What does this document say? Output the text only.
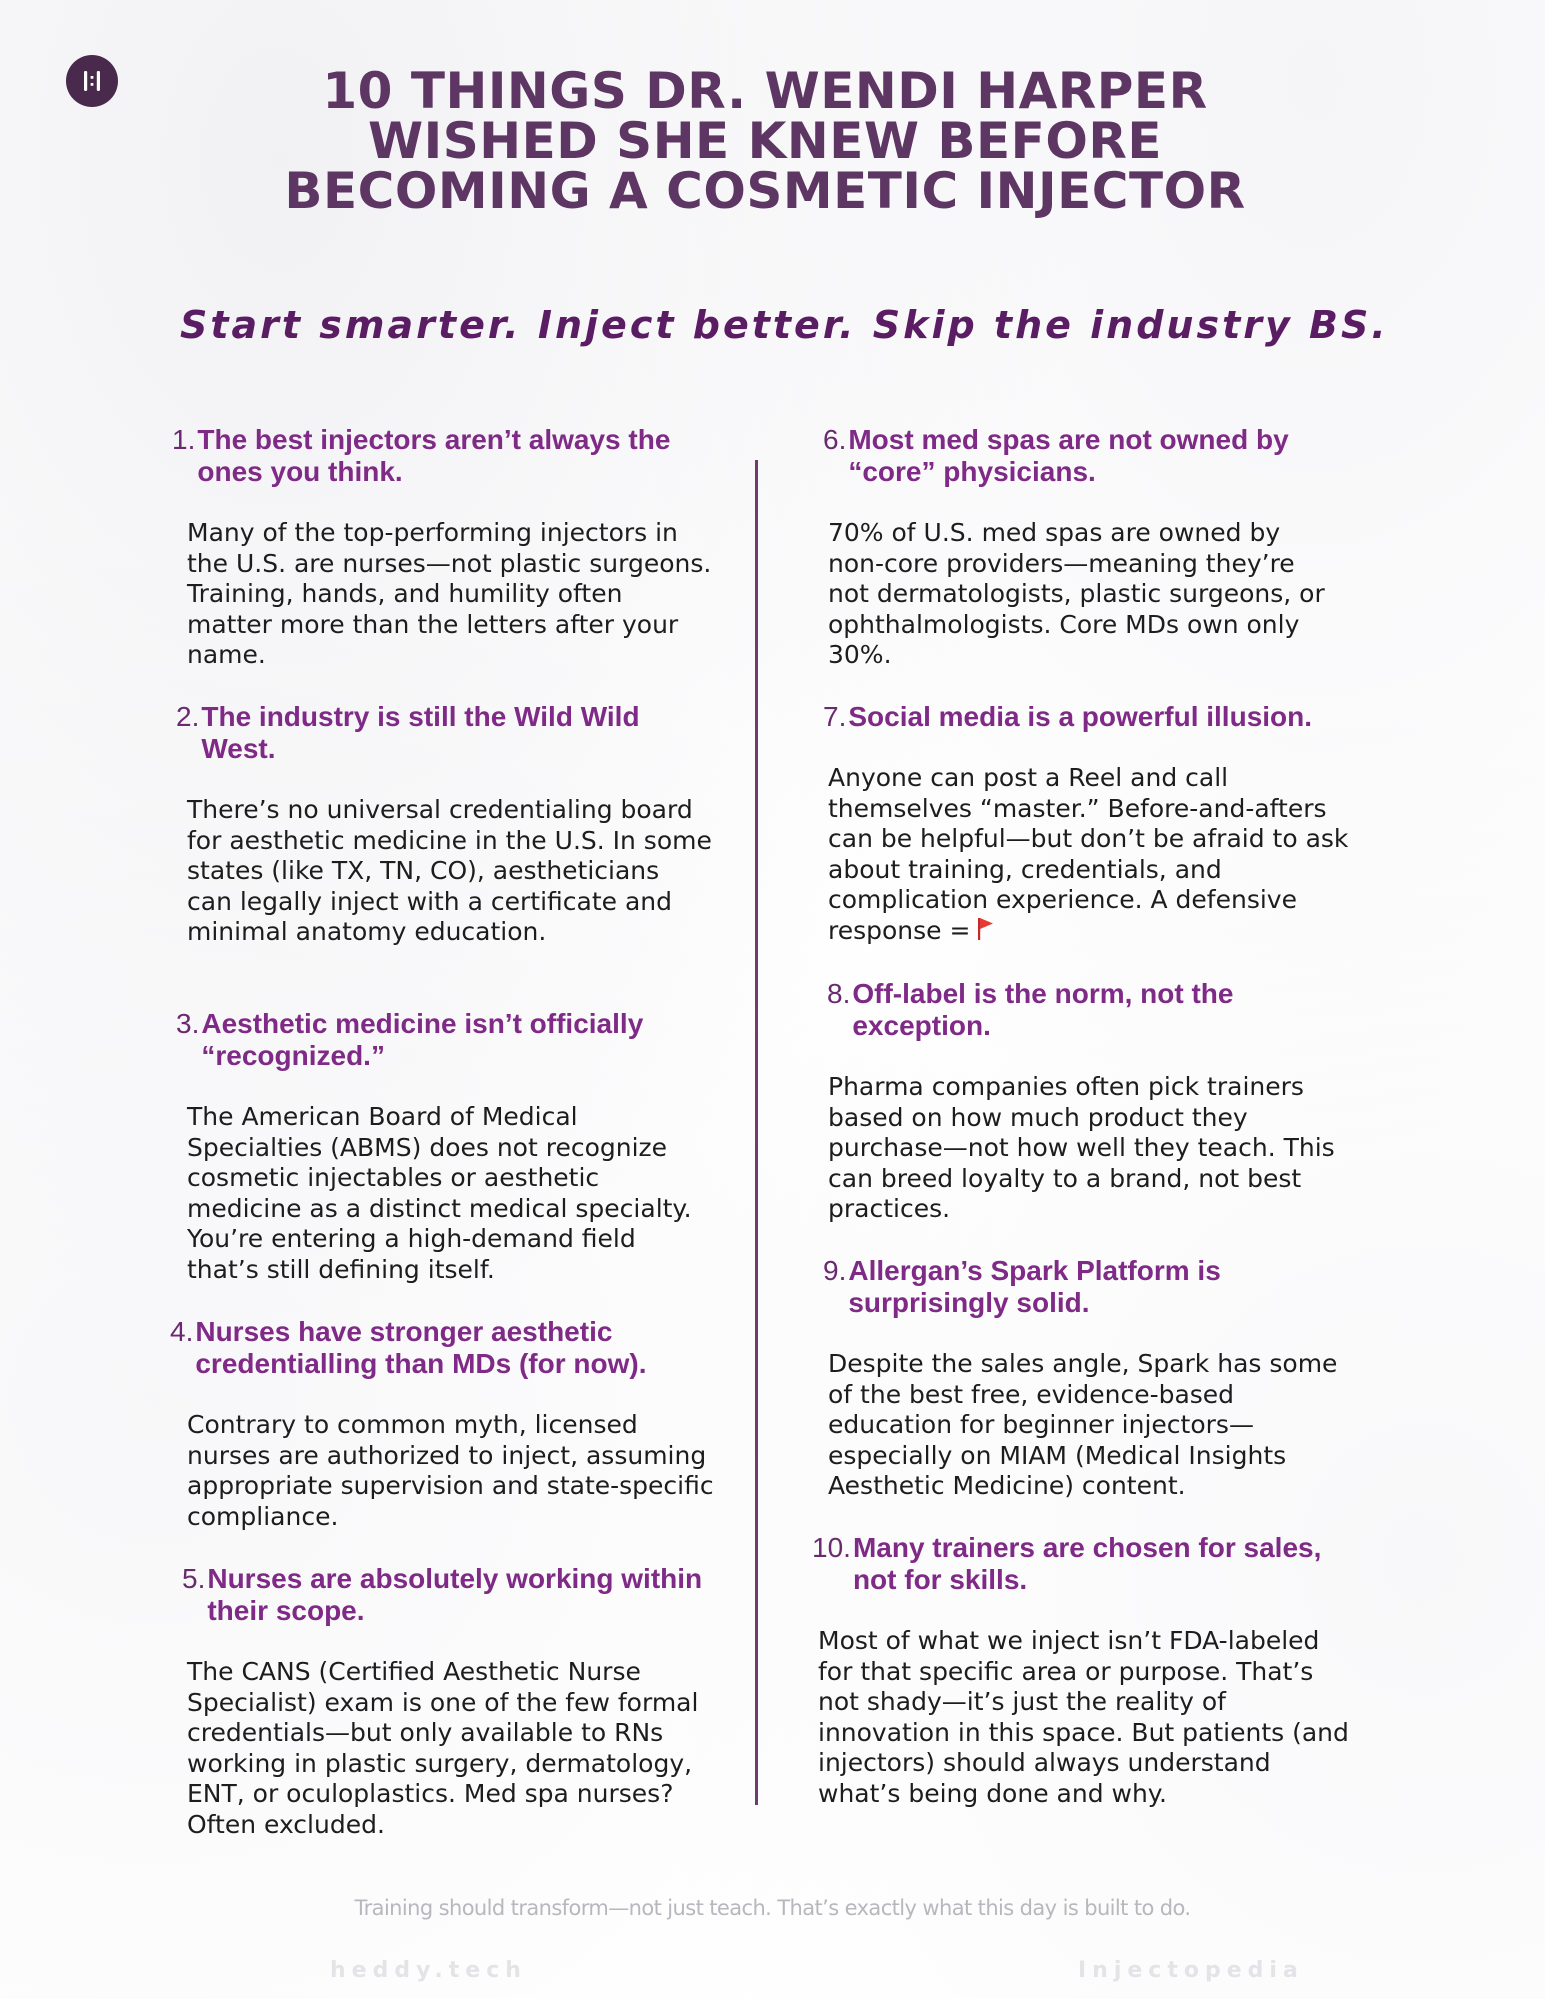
10 THINGS DR. WENDI HARPER WISHED SHE KNEW BEFORE BECOMING A COSMETIC INJECTOR
Start smarter. Inject better. Skip the industry BS.
1. The best injectors aren’t always the ones you think.
Many of the top-performing injectors in the U.S. are nurses—not plastic surgeons. Training, hands, and humility often matter more than the letters after your name.
2. The industry is still the Wild Wild West.
There’s no universal credentialing board for aesthetic medicine in the U.S. In some states (like TX, TN, CO), aestheticians can legally inject with a certificate and minimal anatomy education.
3. Aesthetic medicine isn’t officially “recognized.”
The American Board of Medical Specialties (ABMS) does not recognize cosmetic injectables or aesthetic medicine as a distinct medical specialty. You’re entering a high-demand field that’s still defining itself.
4. Nurses have stronger aesthetic credentialling than MDs (for now).
Contrary to common myth, licensed nurses are authorized to inject, assuming appropriate supervision and state-specific compliance.
5. Nurses are absolutely working within their scope.
The CANS (Certified Aesthetic Nurse Specialist) exam is one of the few formal credentials—but only available to RNs working in plastic surgery, dermatology, ENT, or oculoplastics. Med spa nurses? Often excluded.
6. Most med spas are not owned by “core” physicians.
70% of U.S. med spas are owned by non-core providers—meaning they’re not dermatologists, plastic surgeons, or ophthalmologists. Core MDs own only 30%.
7. Social media is a powerful illusion.
Anyone can post a Reel and call themselves “master.” Before-and-afters can be helpful—but don’t be afraid to ask about training, credentials, and complication experience. A defensive response =
8. Off-label is the norm, not the exception.
Pharma companies often pick trainers based on how much product they purchase—not how well they teach. This can breed loyalty to a brand, not best practices.
9. Allergan’s Spark Platform is surprisingly solid.
Despite the sales angle, Spark has some of the best free, evidence-based education for beginner injectors—especially on MIAM (Medical Insights Aesthetic Medicine) content.
10. Many trainers are chosen for sales, not for skills.
Most of what we inject isn’t FDA-labeled for that specific area or purpose. That’s not shady—it’s just the reality of innovation in this space. But patients (and injectors) should always understand what’s being done and why.
Training should transform—not just teach. That’s exactly what this day is built to do.
heddy.tech	Injectopedia
